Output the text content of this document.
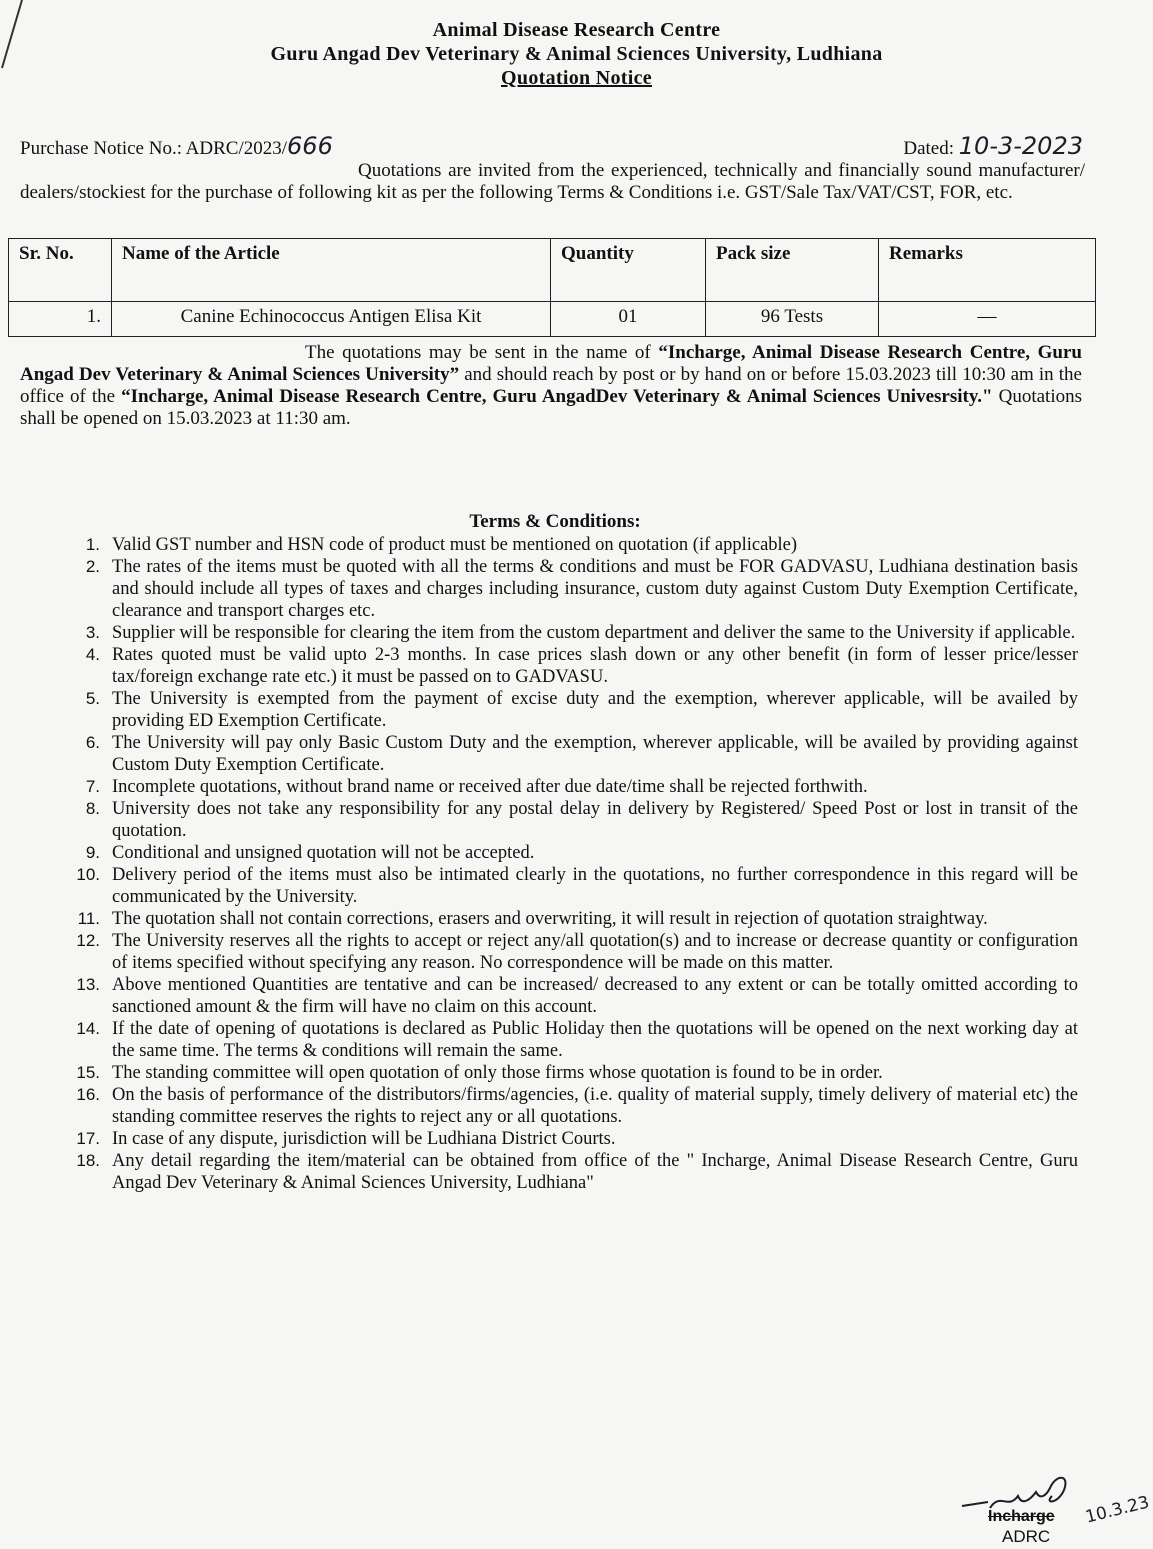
Animal Disease Research Centre
Guru Angad Dev Veterinary & Animal Sciences University, Ludhiana
Quotation Notice
Purchase Notice No.: ADRC/2023/666	Dated: 10-3-2023
Quotations are invited from the experienced, technically and financially sound manufacturer/ dealers/stockiest for the purchase of following kit as per the following Terms & Conditions i.e. GST/Sale Tax/VAT/CST, FOR, etc.
Sr. No.	Name of the Article	Quantity	Pack size	Remarks
1.	Canine Echinococcus Antigen Elisa Kit	01	96 Tests	—
The quotations may be sent in the name of “Incharge, Animal Disease Research Centre, Guru Angad Dev Veterinary & Animal Sciences University” and should reach by post or by hand on or before 15.03.2023 till 10:30 am in the office of the “Incharge, Animal Disease Research Centre, Guru AngadDev Veterinary & Animal Sciences Univesrsity." Quotations shall be opened on 15.03.2023 at 11:30 am.
Terms & Conditions:
1. Valid GST number and HSN code of product must be mentioned on quotation (if applicable)
2. The rates of the items must be quoted with all the terms & conditions and must be FOR GADVASU, Ludhiana destination basis and should include all types of taxes and charges including insurance, custom duty against Custom Duty Exemption Certificate, clearance and transport charges etc.
3. Supplier will be responsible for clearing the item from the custom department and deliver the same to the University if applicable.
4. Rates quoted must be valid upto 2-3 months. In case prices slash down or any other benefit (in form of lesser price/lesser tax/foreign exchange rate etc.) it must be passed on to GADVASU.
5. The University is exempted from the payment of excise duty and the exemption, wherever applicable, will be availed by providing ED Exemption Certificate.
6. The University will pay only Basic Custom Duty and the exemption, wherever applicable, will be availed by providing against Custom Duty Exemption Certificate.
7. Incomplete quotations, without brand name or received after due date/time shall be rejected forthwith.
8. University does not take any responsibility for any postal delay in delivery by Registered/ Speed Post or lost in transit of the quotation.
9. Conditional and unsigned quotation will not be accepted.
10. Delivery period of the items must also be intimated clearly in the quotations, no further correspondence in this regard will be communicated by the University.
11. The quotation shall not contain corrections, erasers and overwriting, it will result in rejection of quotation straightway.
12. The University reserves all the rights to accept or reject any/all quotation(s) and to increase or decrease quantity or configuration of items specified without specifying any reason. No correspondence will be made on this matter.
13. Above mentioned Quantities are tentative and can be increased/ decreased to any extent or can be totally omitted according to sanctioned amount & the firm will have no claim on this account.
14. If the date of opening of quotations is declared as Public Holiday then the quotations will be opened on the next working day at the same time. The terms & conditions will remain the same.
15. The standing committee will open quotation of only those firms whose quotation is found to be in order.
16. On the basis of performance of the distributors/firms/agencies, (i.e. quality of material supply, timely delivery of material etc) the standing committee reserves the rights to reject any or all quotations.
17. In case of any dispute, jurisdiction will be Ludhiana District Courts.
18. Any detail regarding the item/material can be obtained from office of the " Incharge, Animal Disease Research Centre, Guru Angad Dev Veterinary & Animal Sciences University, Ludhiana"
Incharge
ADRC
10.3.23
